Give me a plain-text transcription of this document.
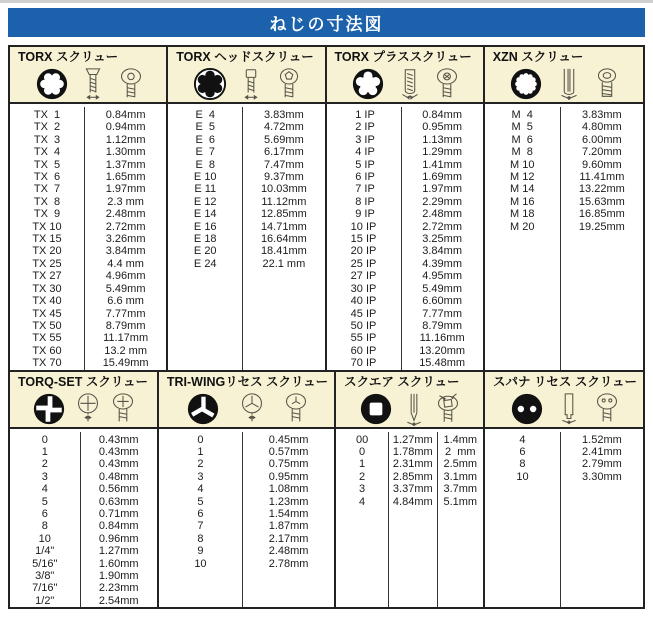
ねじの寸法図
TORX スクリュー
TX  1
TX  2
TX  3
TX  4
TX  5
TX  6
TX  7
TX  8
TX  9
TX 10
TX 15
TX 20
TX 25
TX 27
TX 30
TX 40
TX 45
TX 50
TX 55
TX 60
TX 70
0.84mm
0.94mm
1.12mm
1.30mm
1.37mm
1.65mm
1.97mm
2.3 mm
2.48mm
2.72mm
3.26mm
3.84mm
4.4 mm
4.96mm
5.49mm
6.6 mm
7.77mm
8.79mm
11.17mm
13.2 mm
15.49mm
TORX ヘッドスクリュー
E  4
E  5
E  6
E  7
E  8
E 10
E 11
E 12
E 14
E 16
E 18
E 20
E 24
3.83mm
4.72mm
5.69mm
6.17mm
7.47mm
9.37mm
10.03mm
11.12mm
12.85mm
14.71mm
16.64mm
18.41mm
22.1 mm
TORX プラススクリュー
1 IP
2 IP
3 IP
4 IP
5 IP
6 IP
7 IP
8 IP
9 IP
10 IP
15 IP
20 IP
25 IP
27 IP
30 IP
40 IP
45 IP
50 IP
55 IP
60 IP
70 IP
0.84mm
0.95mm
1.13mm
1.29mm
1.41mm
1.69mm
1.97mm
2.29mm
2.48mm
2.72mm
3.25mm
3.84mm
4.39mm
4.95mm
5.49mm
6.60mm
7.77mm
8.79mm
11.16mm
13.20mm
15.48mm
XZN スクリュー
M  4
M  5
M  6
M  8
M 10
M 12
M 14
M 16
M 18
M 20
3.83mm
4.80mm
6.00mm
7.20mm
9.60mm
11.41mm
13.22mm
15.63mm
16.85mm
19.25mm
TORQ-SET スクリュー
0
1
2
3
4
5
6
8
10
1/4"
5/16"
3/8"
7/16"
1/2"
0.43mm
0.43mm
0.43mm
0.48mm
0.56mm
0.63mm
0.71mm
0.84mm
0.96mm
1.27mm
1.60mm
1.90mm
2.23mm
2.54mm
TRI-WINGリセス スクリュー
0
1
2
3
4
5
6
7
8
9
10
0.45mm
0.57mm
0.75mm
0.95mm
1.08mm
1.23mm
1.54mm
1.87mm
2.17mm
2.48mm
2.78mm
スクエア スクリュー
00
0
1
2
3
4
1.27mm
1.78mm
2.31mm
2.85mm
3.37mm
4.84mm
1.4mm
2  mm
2.5mm
3.1mm
3.7mm
5.1mm
スパナ リセス スクリュー
4
6
8
10
1.52mm
2.41mm
2.79mm
3.30mm
